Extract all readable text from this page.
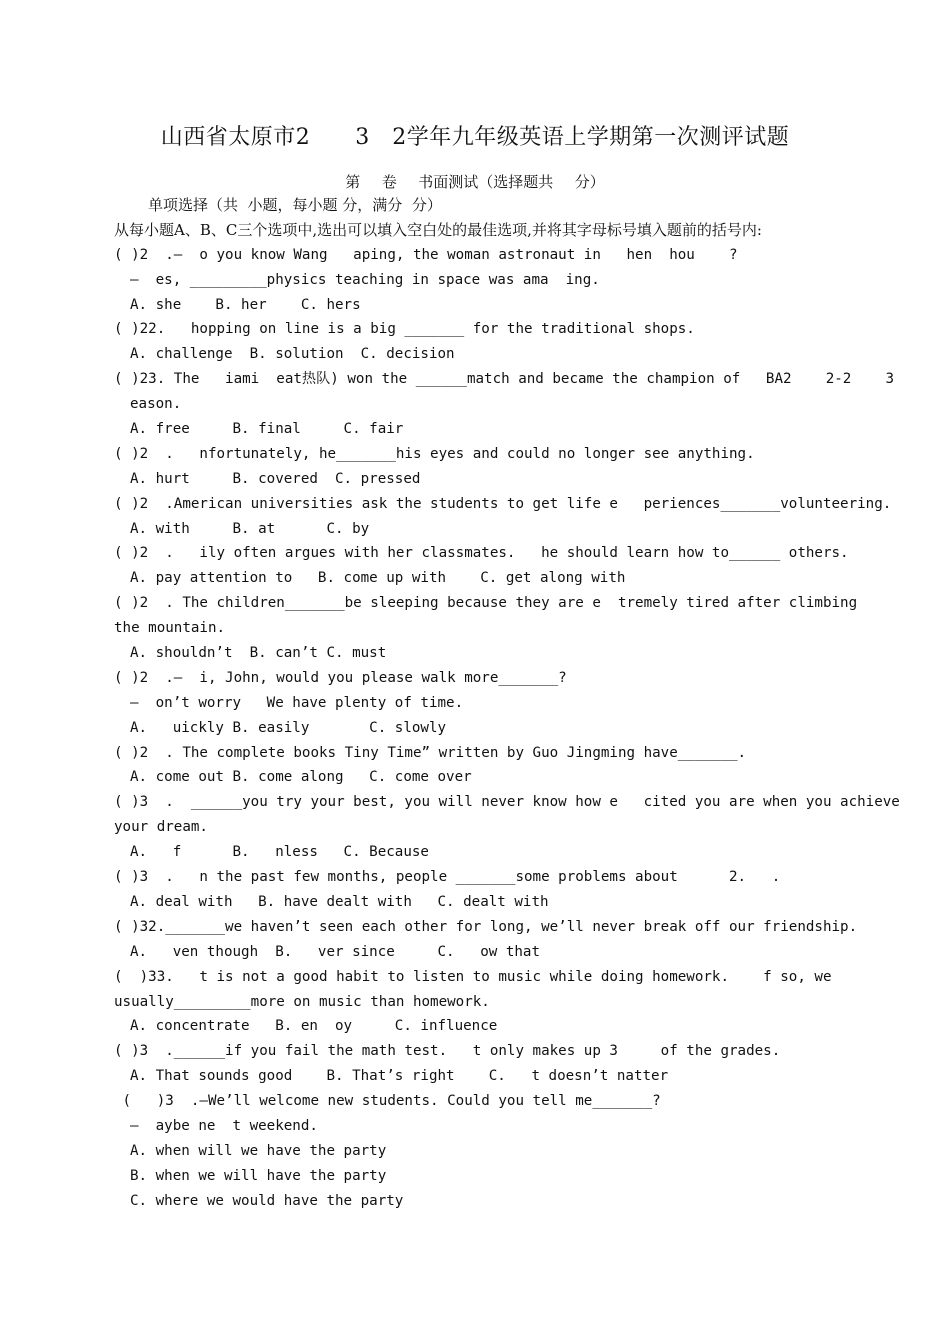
山西省太原市2      3   2学年九年级英语上学期第一次测评试题
第  卷  书面测试（选择题共  分）
单项选择（共  小题，每小题 分，满分  分）
从每小题A、B、C三个选项中,选出可以填入空白处的最佳选项,并将其字母标号填入题前的括号内:
( )2  .—  o you know Wang   aping, the woman astronaut in   hen  hou    ?
—  es, _________physics teaching in space was ama  ing.
A. she    B. her    C. hers
( )22.   hopping on line is a big _______ for the traditional shops.
A. challenge  B. solution  C. decision
( )23. The   iami  eat热队) won the ______match and became the champion of   BA2    2-2    3
eason.
A. free     B. final     C. fair
( )2  .   nfortunately, he_______his eyes and could no longer see anything.
A. hurt     B. covered  C. pressed
( )2  .American universities ask the students to get life e   periences_______volunteering.
A. with     B. at      C. by
( )2  .   ily often argues with her classmates.   he should learn how to______ others.
A. pay attention to   B. come up with    C. get along with
( )2  . The children_______be sleeping because they are e  tremely tired after climbing
the mountain.
A. shouldn’t  B. can’t C. must
( )2  .—  i, John, would you please walk more_______?
—  on’t worry   We have plenty of time.
A.   uickly B. easily       C. slowly
( )2  . The complete books Tiny Time” written by Guo Jingming have_______.
A. come out B. come along   C. come over
( )3  .  ______you try your best, you will never know how e   cited you are when you achieve
your dream.
A.   f      B.   nless   C. Because
( )3  .   n the past few months, people _______some problems about      2.   .
A. deal with   B. have dealt with   C. dealt with
( )32._______we haven’t seen each other for long, we’ll never break off our friendship.
A.   ven though  B.   ver since     C.   ow that
(  )33.   t is not a good habit to listen to music while doing homework.    f so, we
usually_________more on music than homework.
A. concentrate   B. en  oy     C. influence
( )3  .______if you fail the math test.   t only makes up 3     of the grades.
A. That sounds good    B. That’s right    C.   t doesn’t natter
(   )3  .—We’ll welcome new students. Could you tell me_______?
—  aybe ne  t weekend.
A. when will we have the party
B. when we will have the party
C. where we would have the party
